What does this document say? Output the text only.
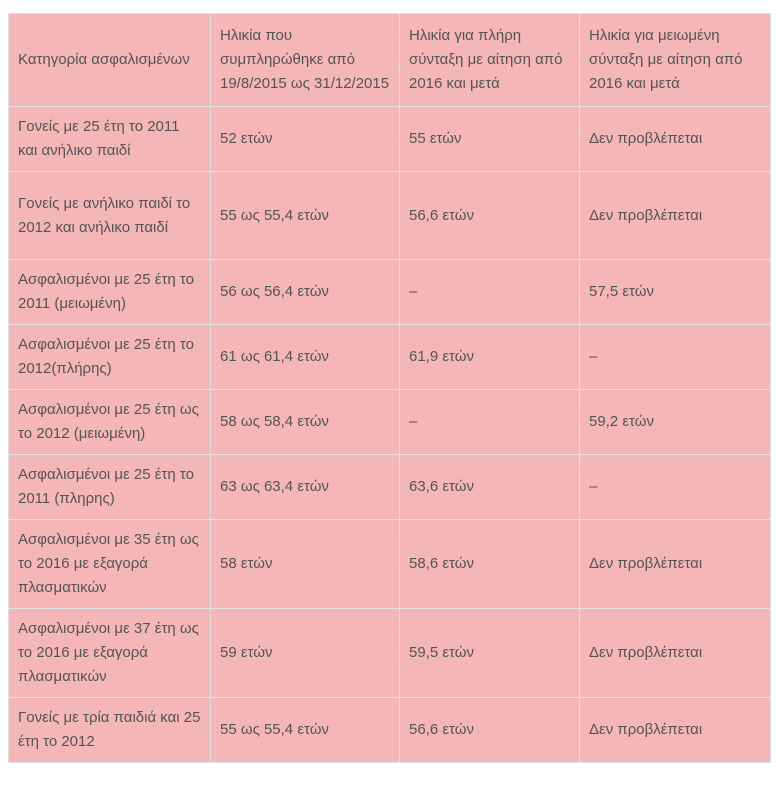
Κατηγορία ασφαλισμένων	Ηλικία που συμπληρώθηκε από 19/8/2015 ως 31/12/2015	Ηλικία για πλήρη σύνταξη με αίτηση από 2016 και μετά	Ηλικία για μειωμένη σύνταξη με αίτηση από 2016 και μετά
Γονείς με 25 έτη το 2011 και ανήλικο παιδί	52 ετών	55 ετών	Δεν προβλέπεται
Γονείς με ανήλικο παιδί το 2012 και ανήλικο παιδί	55 ως 55,4 ετών	56,6 ετών	Δεν προβλέπεται
Ασφαλισμένοι με 25 έτη το 2011 (μειωμένη)	56 ως 56,4 ετών	–	57,5 ετών
Ασφαλισμένοι με 25 έτη το 2012(πλήρης)	61 ως 61,4 ετών	61,9 ετών	–
Ασφαλισμένοι με 25 έτη ως το 2012 (μειωμένη)	58 ως 58,4 ετών	–	59,2 ετών
Ασφαλισμένοι με 25 έτη το 2011 (πληρης)	63 ως 63,4 ετών	63,6 ετών	–
Ασφαλισμένοι με 35 έτη ως το 2016 με εξαγορά πλασματικών	58 ετών	58,6 ετών	Δεν προβλέπεται
Ασφαλισμένοι με 37 έτη ως το 2016 με εξαγορά πλασματικών	59 ετών	59,5 ετών	Δεν προβλέπεται
Γονείς με τρία παιδιά και 25 έτη το 2012	55 ως 55,4 ετών	56,6 ετών	Δεν προβλέπεται
